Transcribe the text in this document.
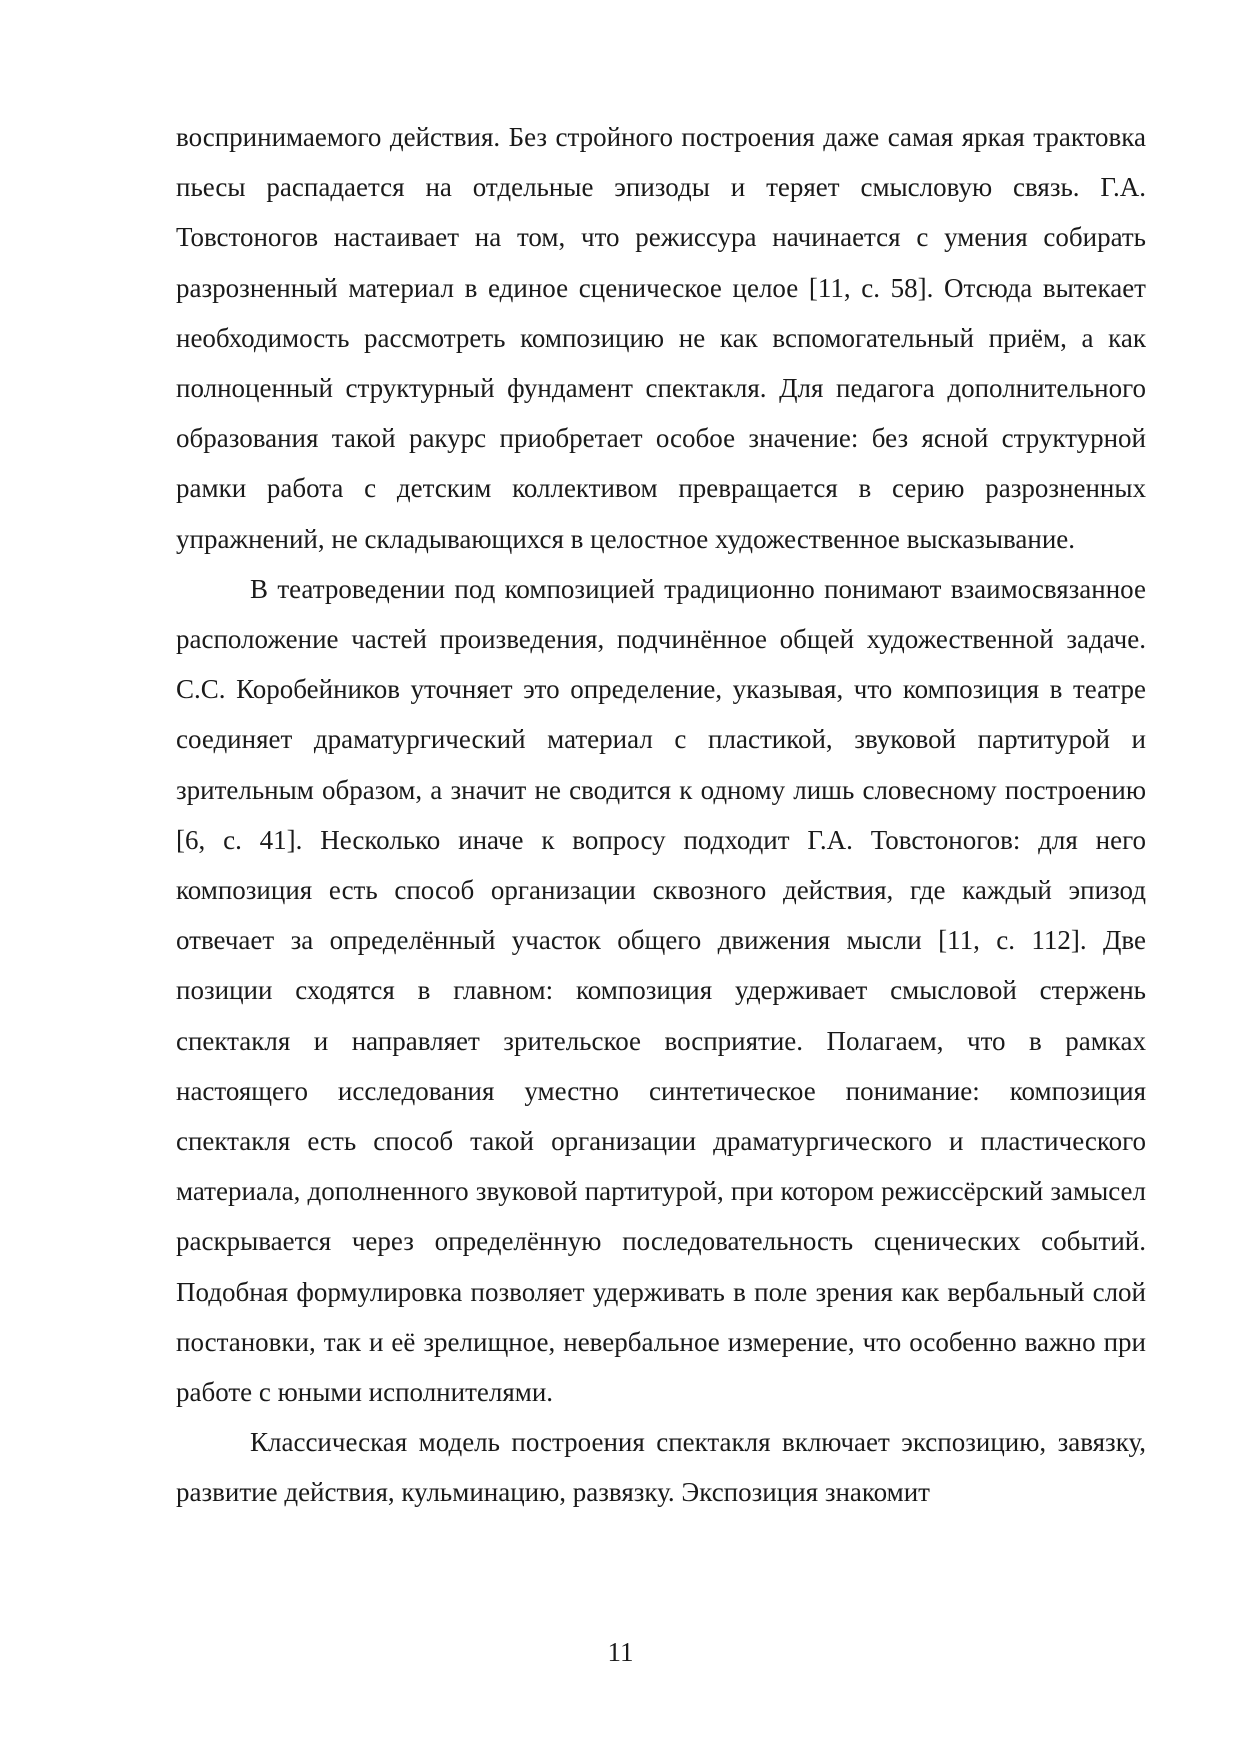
воспринимаемого действия. Без стройного построения даже самая яркая трактовка пьесы распадается на отдельные эпизоды и теряет смысловую связь. Г.А. Товстоногов настаивает на том, что режиссура начинается с умения собирать разрозненный материал в единое сценическое целое [11, с. 58]. Отсюда вытекает необходимость рассмотреть композицию не как вспомогательный приём, а как полноценный структурный фундамент спектакля. Для педагога дополнительного образования такой ракурс приобретает особое значение: без ясной структурной рамки работа с детским коллективом превращается в серию разрозненных упражнений, не складывающихся в целостное художественное высказывание.

В театроведении под композицией традиционно понимают взаимосвязанное расположение частей произведения, подчинённое общей художественной задаче. С.С. Коробейников уточняет это определение, указывая, что композиция в театре соединяет драматургический материал с пластикой, звуковой партитурой и зрительным образом, а значит не сводится к одному лишь словесному построению [6, с. 41]. Несколько иначе к вопросу подходит Г.А. Товстоногов: для него композиция есть способ организации сквозного действия, где каждый эпизод отвечает за определённый участок общего движения мысли [11, с. 112]. Две позиции сходятся в главном: композиция удерживает смысловой стержень спектакля и направляет зрительское восприятие. Полагаем, что в рамках настоящего исследования уместно синтетическое понимание: композиция спектакля есть способ такой организации драматургического и пластического материала, дополненного звуковой партитурой, при котором режиссёрский замысел раскрывается через определённую последовательность сценических событий. Подобная формулировка позволяет удерживать в поле зрения как вербальный слой постановки, так и её зрелищное, невербальное измерение, что особенно важно при работе с юными исполнителями.

Классическая модель построения спектакля включает экспозицию, завязку, развитие действия, кульминацию, развязку. Экспозиция знакомит

11
